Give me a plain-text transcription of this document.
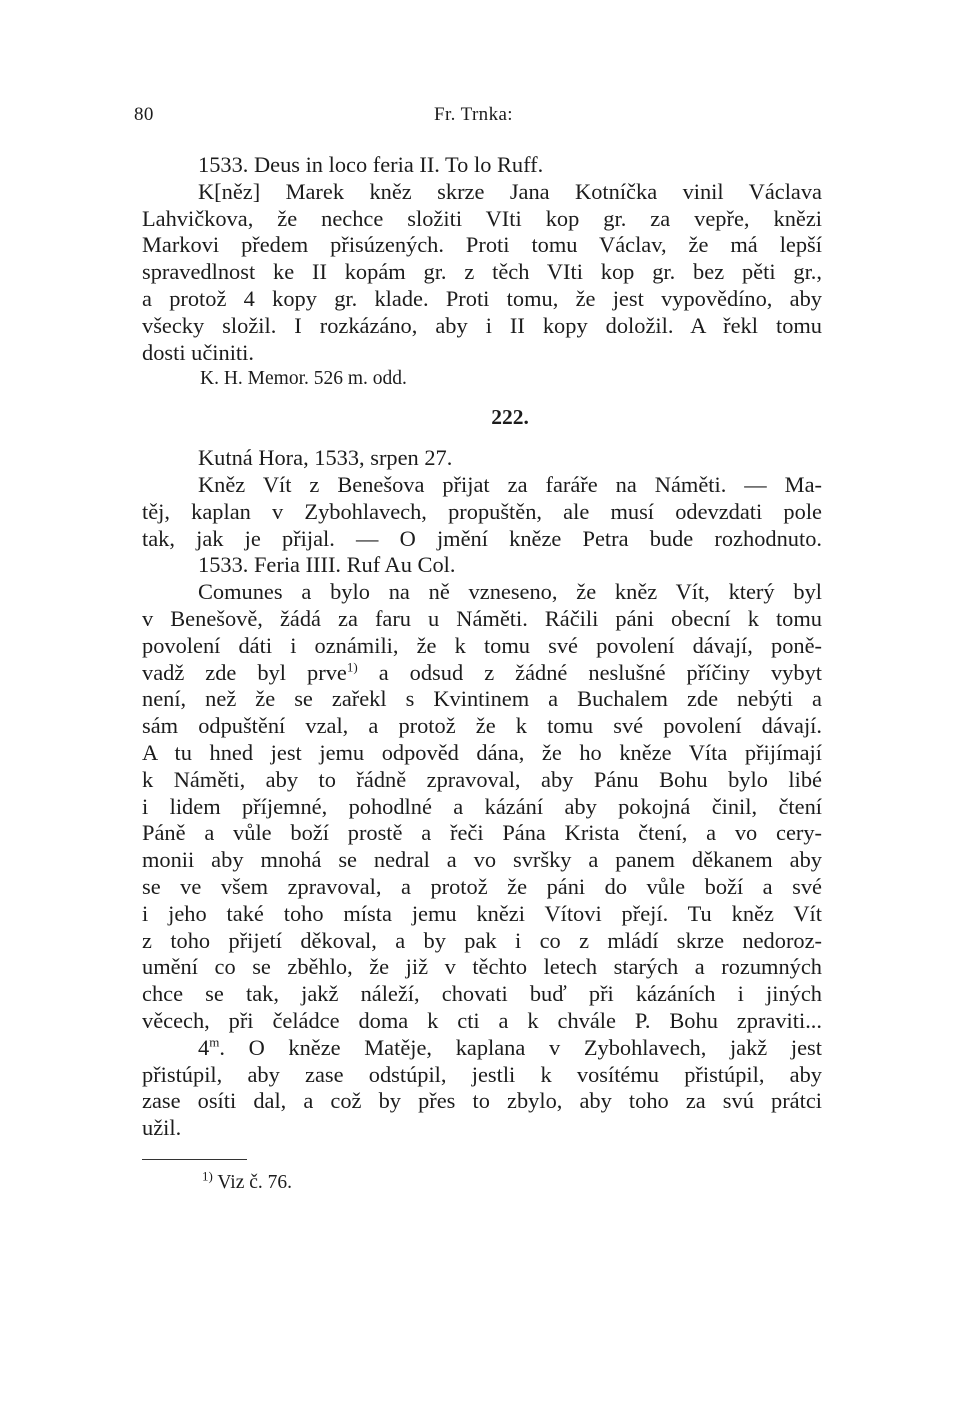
80	Fr. Trnka:
1533. Deus in loco feria II. To lo Ruff.
K[něz] Marek kněz skrze Jana Kotníčka vinil Václava
Lahvičkova, že nechce složiti VIti kop gr. za vepře, knězi
Markovi předem přisúzených. Proti tomu Václav, že má lepší
spravedlnost ke II kopám gr. z těch VIti kop gr. bez pěti gr.,
a protož 4 kopy gr. klade. Proti tomu, že jest vypovědíno, aby
všecky složil. I rozkázáno, aby i II kopy doložil. A řekl tomu
dosti učiniti.
K. H. Memor. 526 m. odd.
222.
Kutná Hora, 1533, srpen 27.
Kněz Vít z Benešova přijat za faráře na Náměti. — Ma-
těj, kaplan v Zybohlavech, propuštěn, ale musí odevzdati pole
tak, jak je přijal. — O jmění kněze Petra bude rozhodnuto.
1533. Feria IIII. Ruf Au Col.
Comunes a bylo na ně vzneseno, že kněz Vít, který byl
v Benešově, žádá za faru u Náměti. Ráčili páni obecní k tomu
povolení dáti i oznámili, že k tomu své povolení dávají, poně-
vadž zde byl prve$^{1)}$ a odsud z žádné neslušné příčiny vybyt
není, než že se zařekl s Kvintinem a Buchalem zde nebýti a
sám odpuštění vzal, a protož že k tomu své povolení dávají.
A tu hned jest jemu odpověd dána, že ho kněze Víta přijímají
k Náměti, aby to řádně zpravoval, aby Pánu Bohu bylo libé
i lidem příjemné, pohodlné a kázání aby pokojná činil, čtení
Páně a vůle boží prostě a řeči Pána Krista čtení, a vo cery-
monii aby mnohá se nedral a vo svršky a panem děkanem aby
se ve všem zpravoval, a protož že páni do vůle boží a své
i jeho také toho místa jemu knězi Vítovi přejí. Tu kněz Vít
z toho přijetí děkoval, a by pak i co z mládí skrze nedoroz-
umění co se zběhlo, že již v těchto letech starých a rozumných
chce se tak, jakž náleží, chovati buď při kázáních i jiných
věcech, při čeládce doma k cti a k chvále P. Bohu zpraviti...
4$^m$. O kněze Matěje, kaplana v Zybohlavech, jakž jest
přistúpil, aby zase odstúpil, jestli k vosítému přistúpil, aby
zase osíti dal, a což by přes to zbylo, aby toho za svú prátci
užil.
$^{1)}$ Viz č. 76.
